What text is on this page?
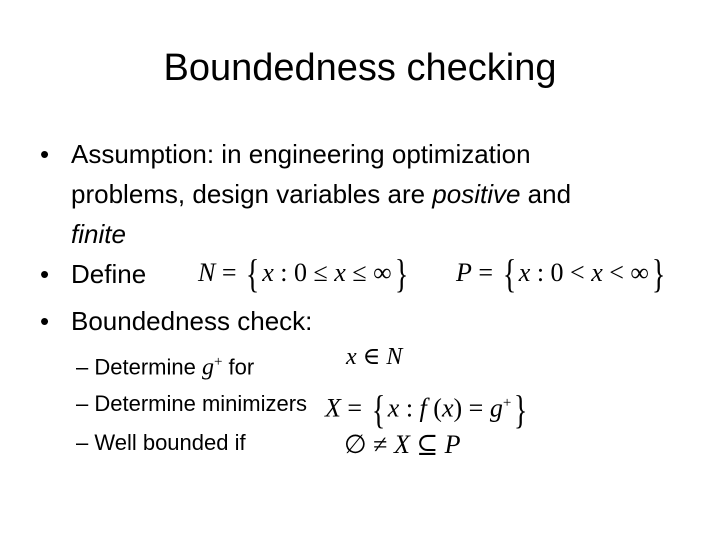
Boundedness checking
• Assumption: in engineering optimization
problems, design variables are positive and
finite
• Define N = { x : 0 ≤ x ≤ ∞} P = { x : 0 < x < ∞}
• Boundedness check:
– Determine g+ for	x ∈ N
– Determine minimizers X = { x : f (x) = g+}
– Well bounded if	∅ ≠ X ⊆ P
